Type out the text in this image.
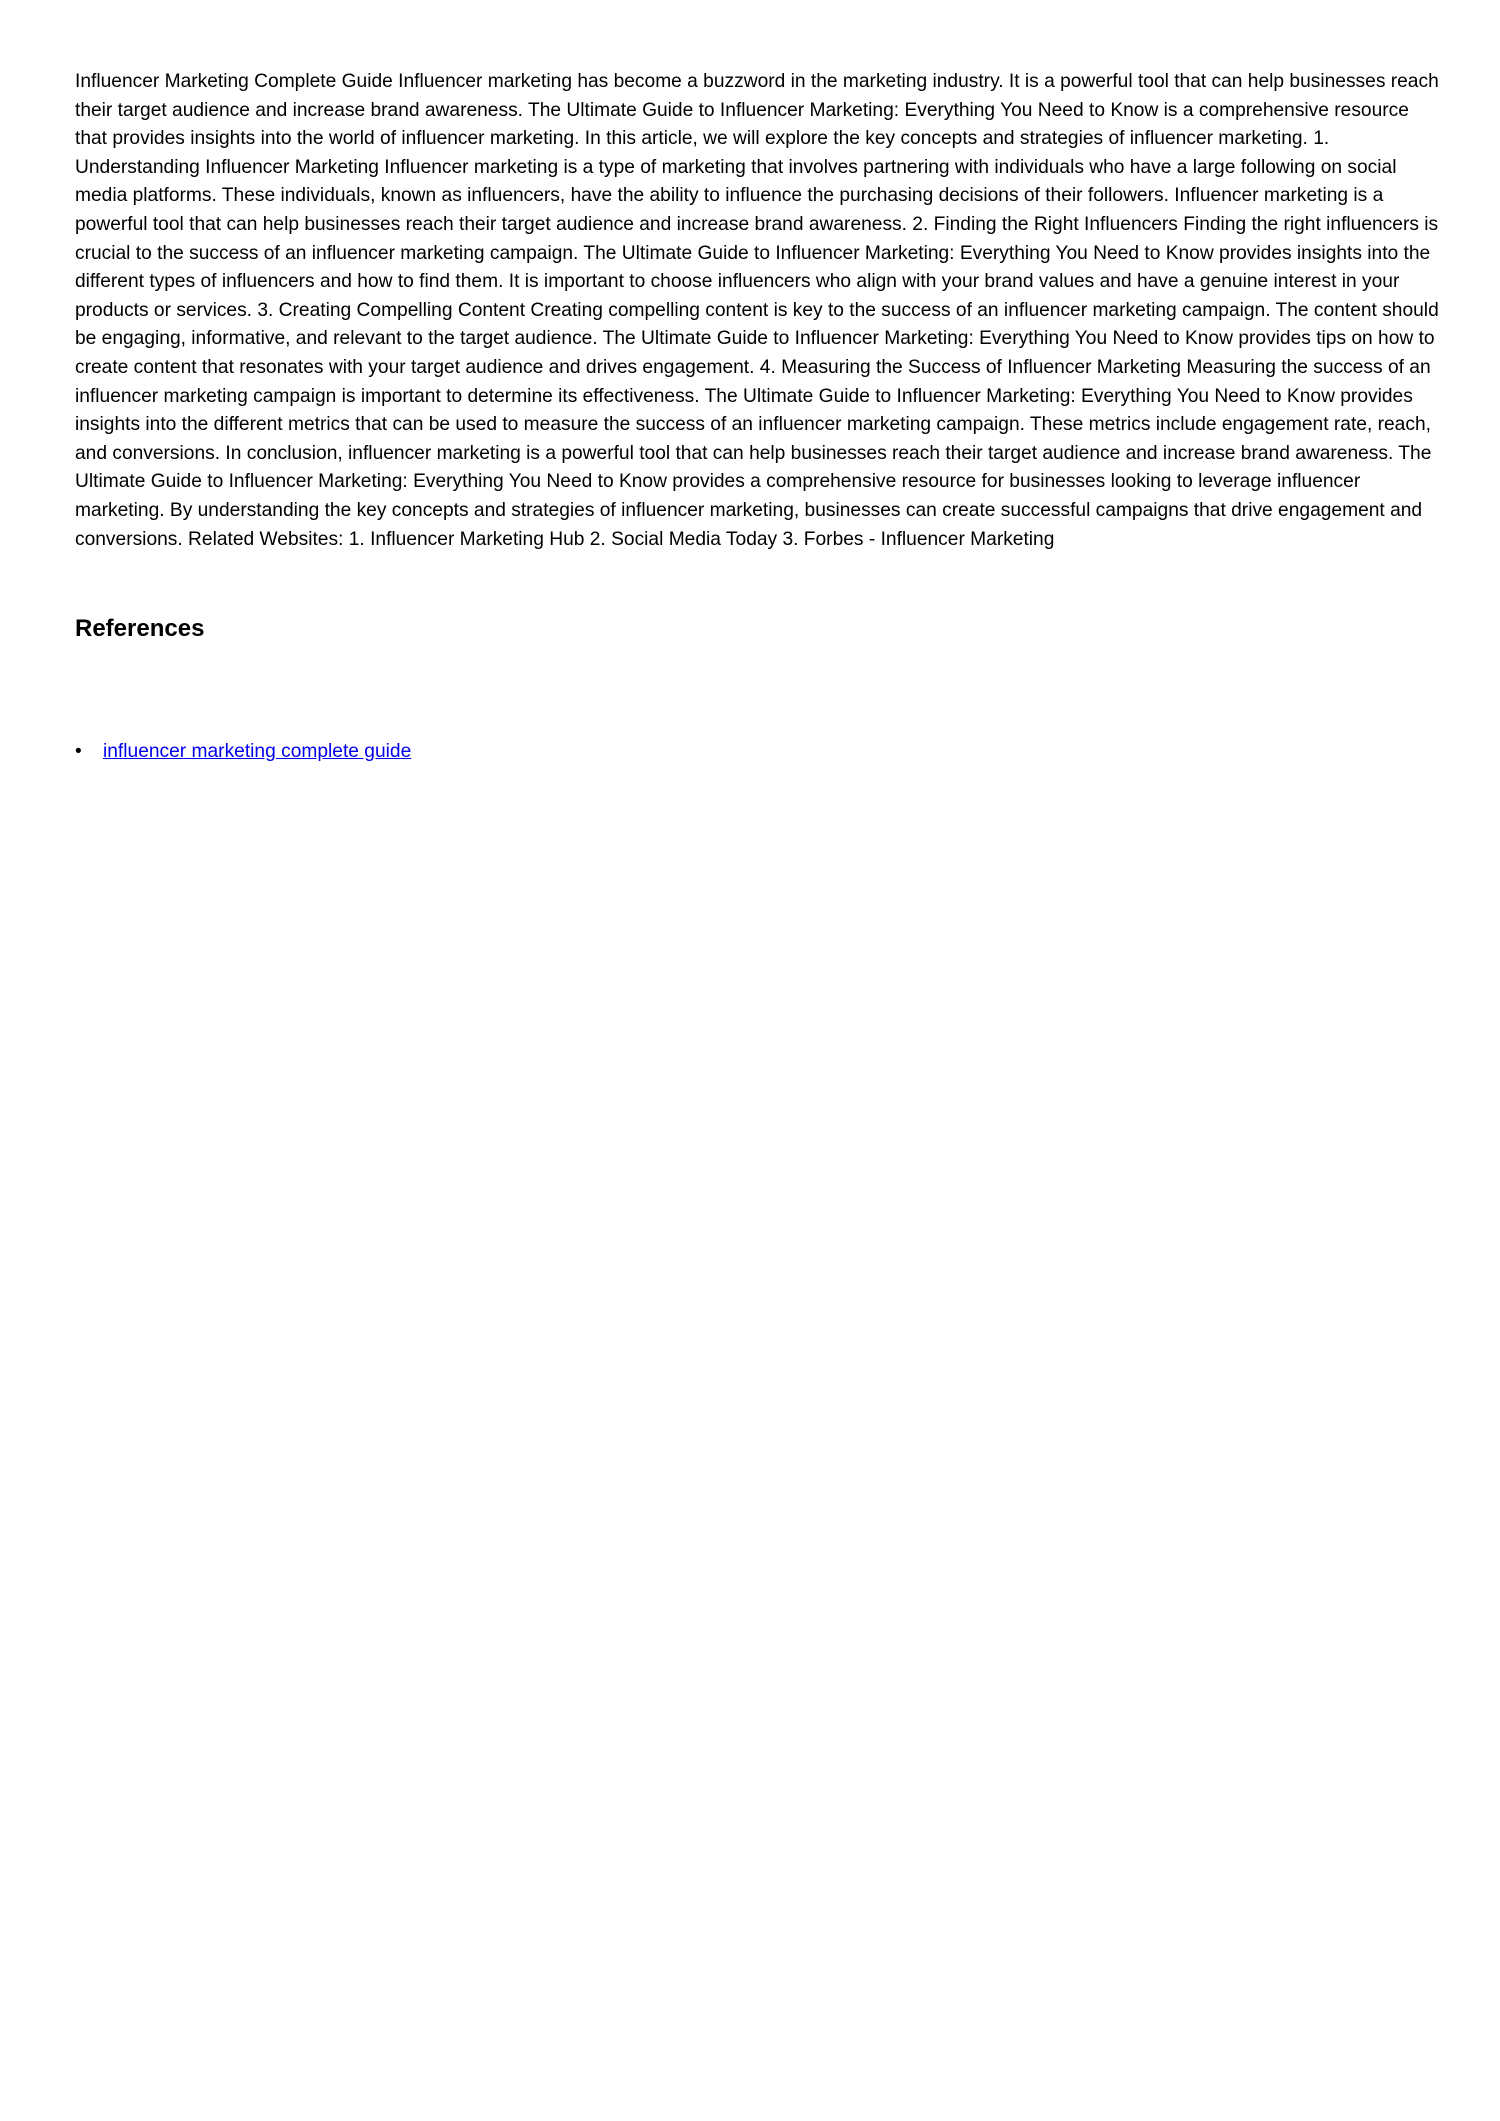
Influencer Marketing Complete Guide Influencer marketing has become a buzzword in the marketing industry. It is a powerful tool that can help businesses reach their target audience and increase brand awareness. The Ultimate Guide to Influencer Marketing: Everything You Need to Know is a comprehensive resource that provides insights into the world of influencer marketing. In this article, we will explore the key concepts and strategies of influencer marketing. 1. Understanding Influencer Marketing Influencer marketing is a type of marketing that involves partnering with individuals who have a large following on social media platforms. These individuals, known as influencers, have the ability to influence the purchasing decisions of their followers. Influencer marketing is a powerful tool that can help businesses reach their target audience and increase brand awareness. 2. Finding the Right Influencers Finding the right influencers is crucial to the success of an influencer marketing campaign. The Ultimate Guide to Influencer Marketing: Everything You Need to Know provides insights into the different types of influencers and how to find them. It is important to choose influencers who align with your brand values and have a genuine interest in your products or services. 3. Creating Compelling Content Creating compelling content is key to the success of an influencer marketing campaign. The content should be engaging, informative, and relevant to the target audience. The Ultimate Guide to Influencer Marketing: Everything You Need to Know provides tips on how to create content that resonates with your target audience and drives engagement. 4. Measuring the Success of Influencer Marketing Measuring the success of an influencer marketing campaign is important to determine its effectiveness. The Ultimate Guide to Influencer Marketing: Everything You Need to Know provides insights into the different metrics that can be used to measure the success of an influencer marketing campaign. These metrics include engagement rate, reach, and conversions. In conclusion, influencer marketing is a powerful tool that can help businesses reach their target audience and increase brand awareness. The Ultimate Guide to Influencer Marketing: Everything You Need to Know provides a comprehensive resource for businesses looking to leverage influencer marketing. By understanding the key concepts and strategies of influencer marketing, businesses can create successful campaigns that drive engagement and conversions. Related Websites: 1. Influencer Marketing Hub 2. Social Media Today 3. Forbes - Influencer Marketing

References
•	influencer marketing complete guide
